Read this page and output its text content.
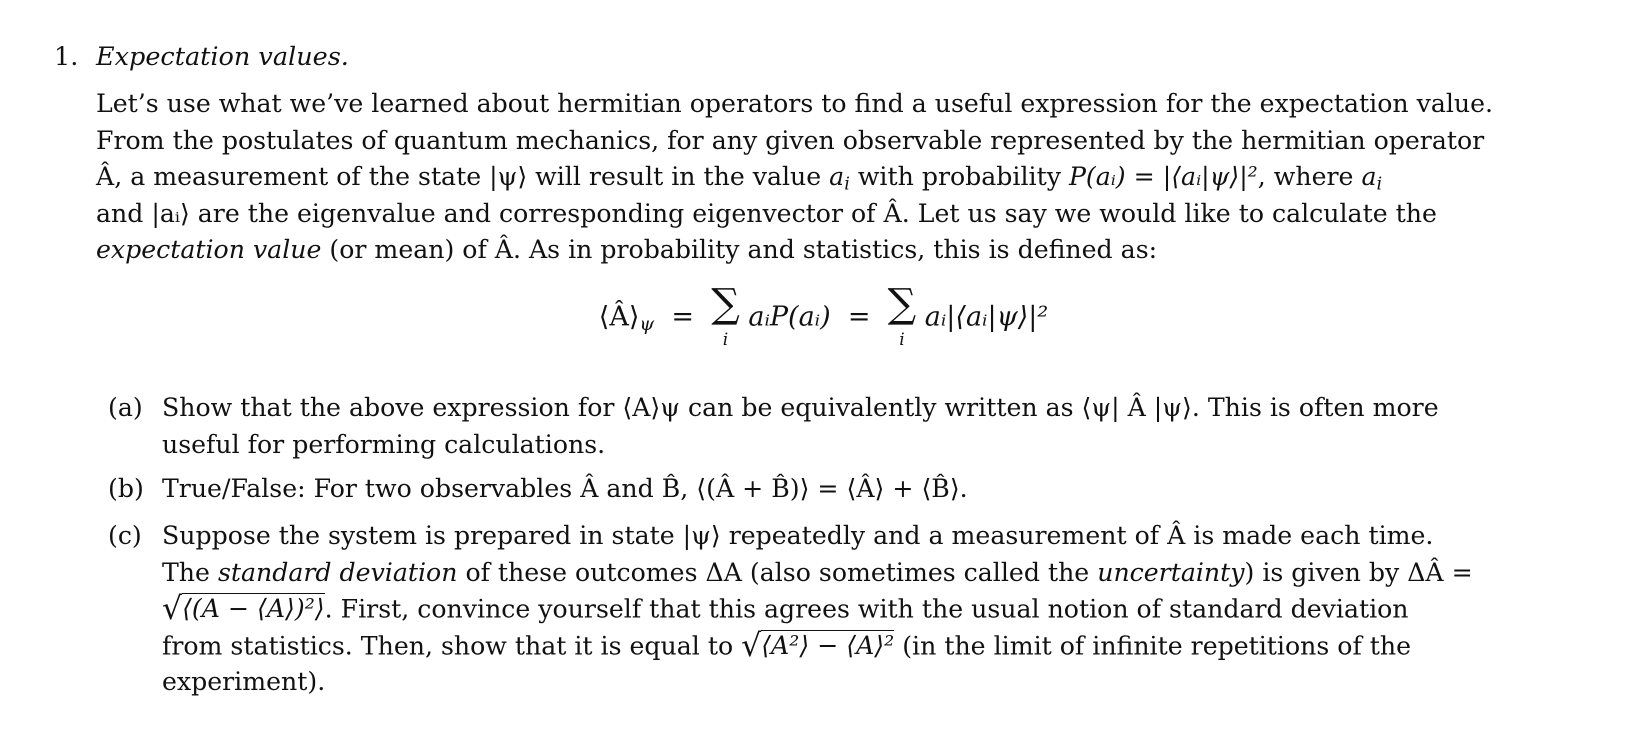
1. Expectation values.
Let’s use what we’ve learned about hermitian operators to find a useful expression for the expectation value.
From the postulates of quantum mechanics, for any given observable represented by the hermitian operator
Â, a measurement of the state |ψ⟩ will result in the value $a_i$ with probability P(aᵢ) = |⟨aᵢ|ψ⟩|², where $a_i$
and |aᵢ⟩ are the eigenvalue and corresponding eigenvector of Â. Let us say we would like to calculate the
expectation value (or mean) of Â. As in probability and statistics, this is defined as:
$⟨Â⟩_\psi$  = ∑
i
aᵢP(aᵢ)  = ∑
i
aᵢ|⟨aᵢ|ψ⟩|²
(a) Show that the above expression for ⟨A⟩ψ can be equivalently written as ⟨ψ| Â |ψ⟩. This is often more
useful for performing calculations.
(b) True/False: For two observables Â and B̂, ⟨(Â + B̂)⟩ = ⟨Â⟩ + ⟨B̂⟩.
(c) Suppose the system is prepared in state |ψ⟩ repeatedly and a measurement of Â is made each time.
The standard deviation of these outcomes ΔA (also sometimes called the uncertainty) is given by ΔÂ =
√⟨(A − ⟨A⟩)²⟩. First, convince yourself that this agrees with the usual notion of standard deviation
from statistics. Then, show that it is equal to √⟨A²⟩ − ⟨A⟩² (in the limit of infinite repetitions of the
experiment).
